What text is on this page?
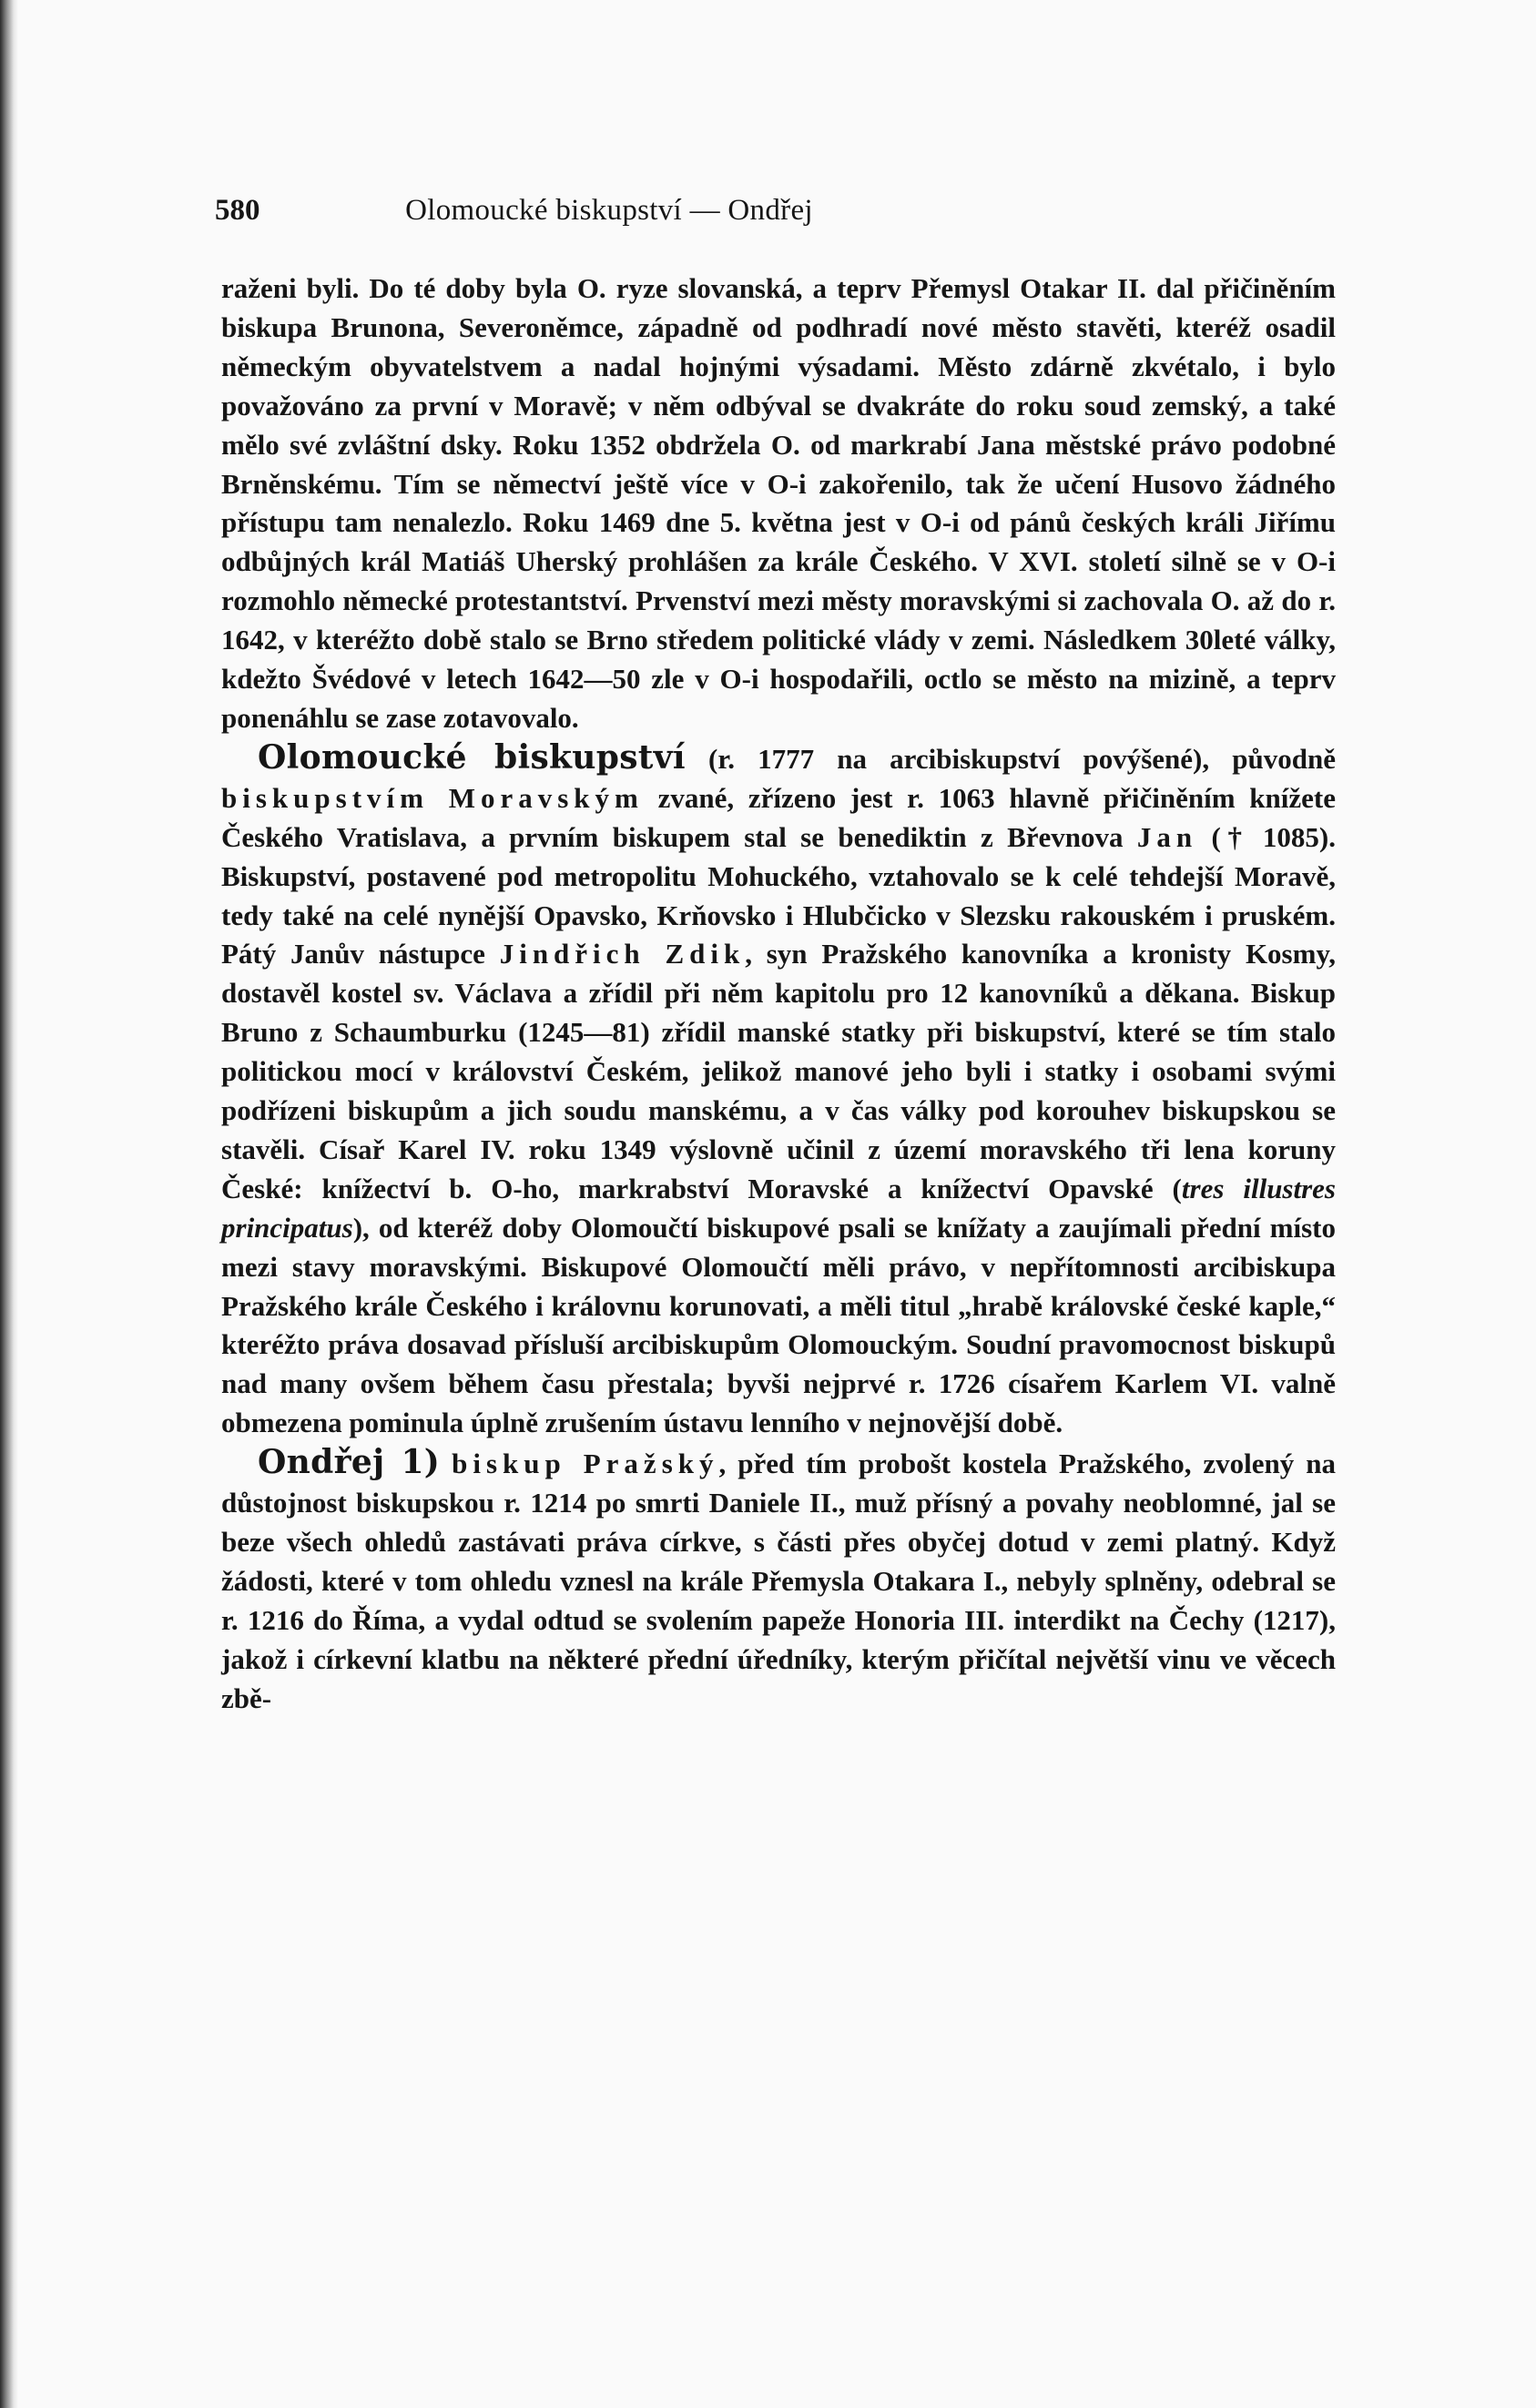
580	Olomoucké biskupství — Ondřej

raženi byli. Do té doby byla O. ryze slovanská, a teprv Přemysl Otakar II. dal přičiněním biskupa Brunona, Severoněmce, západně od podhradí nové město stavěti, kteréž osadil německým obyvatelstvem a nadal hojnými výsadami. Město zdárně zkvétalo, i bylo považováno za první v Moravě; v něm odbýval se dvakráte do roku soud zemský, a také mělo své zvláštní dsky. Roku 1352 obdržela O. od markrabí Jana městské právo podobné Brněnskému. Tím se němectví ještě více v O-i zakořenilo, tak že učení Husovo žádného přístupu tam nenalezlo. Roku 1469 dne 5. května jest v O-i od pánů českých králi Jiřímu odbůjných král Matiáš Uherský prohlášen za krále Českého. V XVI. století silně se v O-i rozmohlo německé protestantství. Prvenství mezi městy moravskými si zachovala O. až do r. 1642, v kteréžto době stalo se Brno středem politické vlády v zemi. Následkem 30leté války, kdežto Švédové v letech 1642—50 zle v O-i hospodařili, octlo se město na mizině, a teprv ponenáhlu se zase zotavovalo.

Olomoucké biskupství (r. 1777 na arcibiskupství povýšené), původně biskupstvím Moravským zvané, zřízeno jest r. 1063 hlavně přičiněním knížete Českého Vratislava, a prvním biskupem stal se benediktin z Břevnova Jan († 1085). Biskupství, postavené pod metropolitu Mohuckého, vztahovalo se k celé tehdejší Moravě, tedy také na celé nynější Opavsko, Krňovsko i Hlubčicko v Slezsku rakouském i pruském. Pátý Janův nástupce Jindřich Zdik, syn Pražského kanovníka a kronisty Kosmy, dostavěl kostel sv. Václava a zřídil při něm kapitolu pro 12 kanovníků a děkana. Biskup Bruno z Schaumburku (1245—81) zřídil manské statky při biskupství, které se tím stalo politickou mocí v království Českém, jelikož manové jeho byli i statky i osobami svými podřízeni biskupům a jich soudu manskému, a v čas války pod korouhev biskupskou se stavěli. Císař Karel IV. roku 1349 výslovně učinil z území moravského tři lena koruny České: knížectví b. O-ho, markrabství Moravské a knížectví Opavské (tres illustres principatus), od kteréž doby Olomoučtí biskupové psali se knížaty a zaujímali přední místo mezi stavy moravskými. Biskupové Olomoučtí měli právo, v nepřítomnosti arcibiskupa Pražského krále Českého i královnu korunovati, a měli titul „hrabě královské české kaple,“ kteréžto práva dosavad přísluší arcibiskupům Olomouckým. Soudní pravomocnost biskupů nad many ovšem během času přestala; byvši nejprvé r. 1726 císařem Karlem VI. valně obmezena pominula úplně zrušením ústavu lenního v nejnovější době.

Ondřej 1) biskup Pražský, před tím probošt kostela Pražského, zvolený na důstojnost biskupskou r. 1214 po smrti Daniele II., muž přísný a povahy neoblomné, jal se bezе všech ohledů zastávati práva církve, s části přes obyčej dotud v zemi platný. Když žádosti, které v tom ohledu vznesl na krále Přemysla Otakara I., nebyly splněny, odebral se r. 1216 do Říma, a vydal odtud se svolením papeže Honoria III. interdikt na Čechy (1217), jakož i církevní klatbu na některé přední úředníky, kterým přičítal největší vinu ve věcech zbě-
